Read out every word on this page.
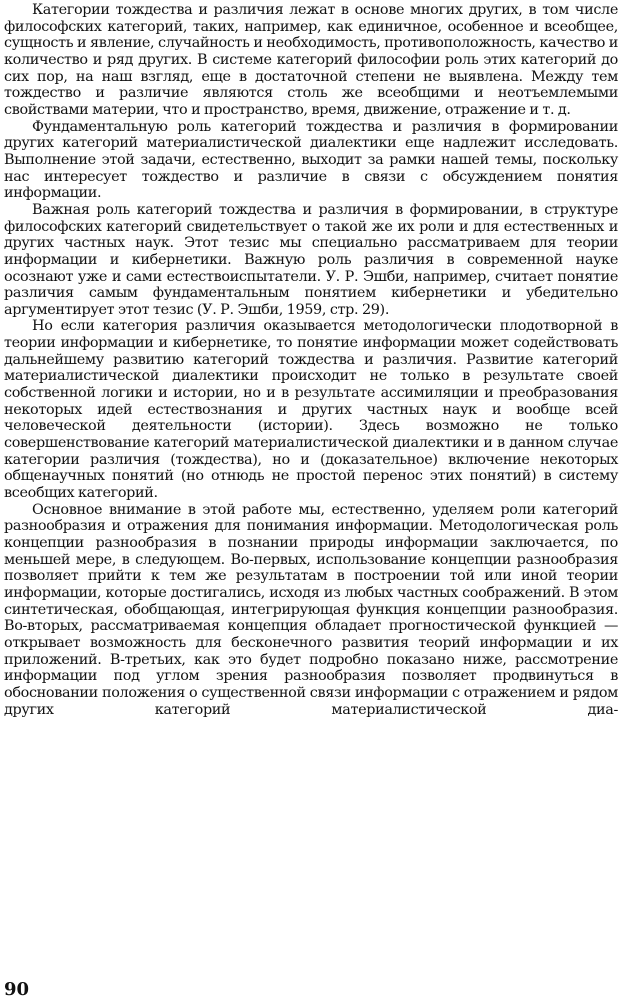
Категории тождества и различия лежат в основе многих других, в том числе философских категорий, таких, например, как единичное, особенное и всеобщее, сущность и явление, случайность и необходимость, противоположность, качество и количество и ряд других. В системе категорий философии роль этих категорий до сих пор, на наш взгляд, еще в достаточной степени не выявлена. Между тем тождество и различие являются столь же всеобщими и неотъемлемыми свойствами материи, что и пространство, время, движение, отражение и т. д.

Фундаментальную роль категорий тождества и различия в формировании других категорий материалистической диалектики еще надлежит исследовать. Выполнение этой задачи, естественно, выходит за рамки нашей темы, поскольку нас интересует тождество и различие в связи с обсуждением понятия информации.

Важная роль категорий тождества и различия в формировании, в структуре философских категорий свидетельствует о такой же их роли и для естественных и других частных наук. Этот тезис мы специально рассматриваем для теории информации и кибернетики. Важную роль различия в современной науке осознают уже и сами естествоиспытатели. У. Р. Эшби, например, считает понятие различия самым фундаментальным понятием кибернетики и убедительно аргументирует этот тезис (У. Р. Эшби, 1959, стр. 29).

Но если категория различия оказывается методологически плодотворной в теории информации и кибернетике, то понятие информации может содействовать дальнейшему развитию категорий тождества и различия. Развитие категорий материалистической диалектики происходит не только в результате своей собственной логики и истории, но и в результате ассимиляции и преобразования некоторых идей естествознания и других частных наук и вообще всей человеческой деятельности (истории). Здесь возможно не только совершенствование категорий материалистической диалектики и в данном случае категории различия (тождества), но и (доказательное) включение некоторых общенаучных понятий (но отнюдь не простой перенос этих понятий) в систему всеобщих категорий.

Основное внимание в этой работе мы, естественно, уделяем роли категорий разнообразия и отражения для понимания информации. Методологическая роль концепции разнообразия в познании природы информации заключается, по меньшей мере, в следующем. Во-первых, использование концепции разнообразия позволяет прийти к тем же результатам в построении той или иной теории информации, которые достигались, исходя из любых частных соображений. В этом синтетическая, обобщающая, интегрирующая функция концепции разнообразия. Во-вторых, рассматриваемая концепция обладает прогностической функцией — открывает возможность для бесконечного развития теорий информации и их приложений. В-третьих, как это будет подробно показано ниже, рассмотрение информации под углом зрения разнообразия позволяет продвинуться в обосновании положения о существенной связи информации с отражением и рядом других категорий материалистической диа-

90
